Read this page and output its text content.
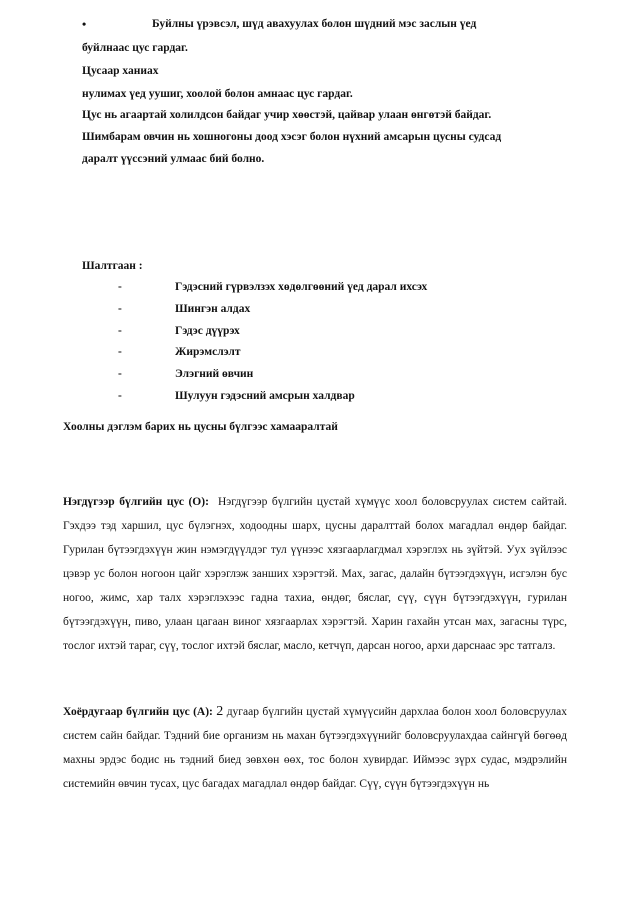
•	Буйлны үрэвсэл, шүд авахуулах болон шүдний мэс заслын үед
буйлнаас цус гардаг.
Цусаар ханиах
нулимах үед уушиг, хоолой болон амнаас цус гардаг.
Цус нь агаартай холилдсон байдаг учир хөөстэй, цайвар улаан өнгөтэй байдаг.
Шимбарам овчин нь хошногоны доод хэсэг болон нүхний амсарын цусны судсад
даралт үүссэний улмаас бий болно.
Шалтгаан :
-	Гэдэсний гүрвэлзэх хөдөлгөөний үед дарал ихсэх
-	Шингэн алдах
-	Гэдэс дүүрэх
-	Жирэмслэлт
-	Элэгний өвчин
-	Шулуун гэдэсний амсрын халдвар
Хоолны дэглэм барих нь цусны бүлгээс хамааралтай
Нэгдүгээр бүлгийн цус (О): Нэгдүгээр бүлгийн цустай хүмүүс хоол боловсруулах систем сайтай. Гэхдээ тэд харшил, цус бүлэгнэх, ходоодны шарх, цусны даралттай болох магадлал өндөр байдаг. Гурилан бүтээгдэхүүн жин нэмэгдүүлдэг тул үүнээс хязгаарлагдмал хэрэглэх нь зүйтэй. Уух зүйлээс цэвэр ус болон ногоон цайг хэрэглэж занших хэрэгтэй. Мах, загас, далайн бүтээгдэхүүн, исгэлэн бус ногоо, жимс, хар талх хэрэглэхээс гадна тахиа, өндөг, бяслаг, сүү, сүүн бүтээгдэхүүн, гурилан бүтээгдэхүүн, пиво, улаан цагаан виног хязгаарлах хэрэгтэй. Харин гахайн утсан мах, загасны түрс, тослог ихтэй тараг, сүү, тослог ихтэй бяслаг, масло, кетчүп, дарсан ногоо, архи дарснаас эрс татгалз.
Хоёрдугаар бүлгийн цус (А): 2 дугаар бүлгийн цустай хүмүүсийн дархлаа болон хоол боловсруулах систем сайн байдаг. Тэдний бие организм нь махан бүтээгдэхүүнийг боловсруулахдаа сайнгүй бөгөөд махны эрдэс бодис нь тэдний биед зөвхөн өөх, тос болон хувирдаг. Иймээс зүрх судас, мэдрэлийн системийн өвчин тусах, цус багадах магадлал өндөр байдаг. Сүү, сүүн бүтээгдэхүүн нь
